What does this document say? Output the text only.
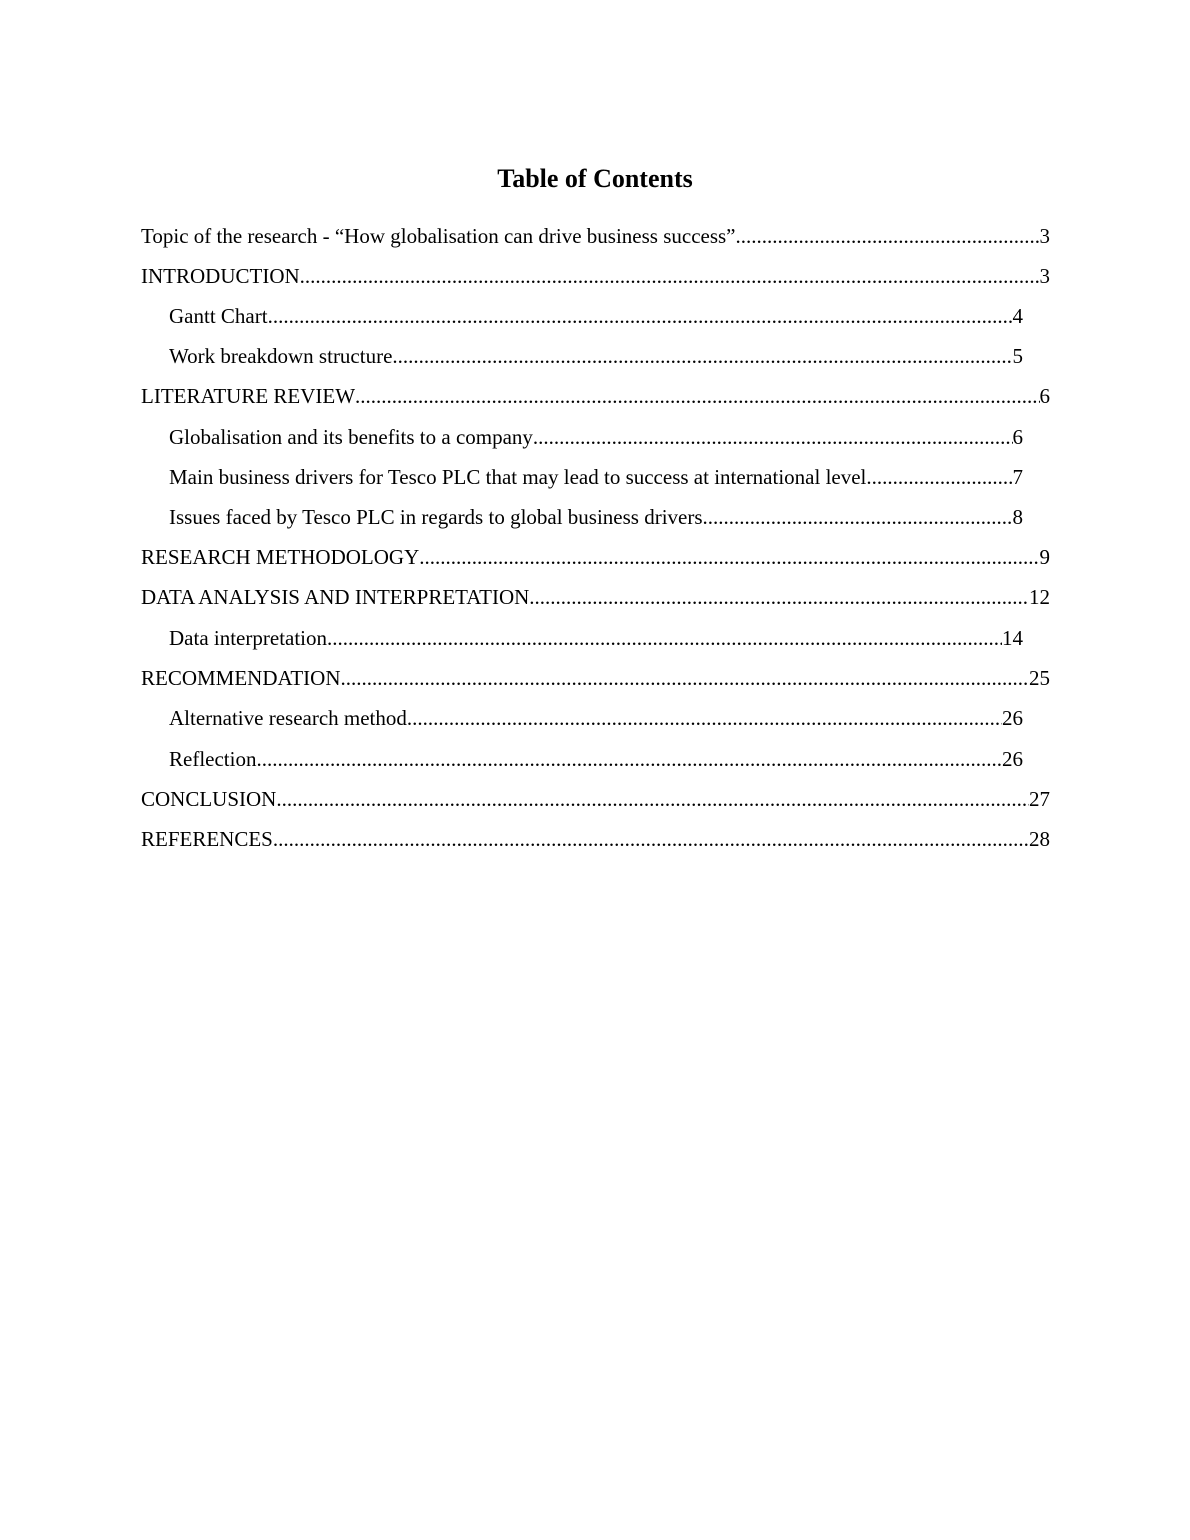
Table of Contents
Topic of the research - “How globalisation can drive business success” .....	3
INTRODUCTION .....	3
Gantt Chart .....	4
Work breakdown structure .....	5
LITERATURE REVIEW .....	6
Globalisation and its benefits to a company .....	6
Main business drivers for Tesco PLC that may lead to success at international level .....	7
Issues faced by Tesco PLC in regards to global business drivers .....	8
RESEARCH METHODOLOGY .....	9
DATA ANALYSIS AND INTERPRETATION .....	12
Data interpretation .....	14
RECOMMENDATION .....	25
Alternative research method .....	26
Reflection .....	26
CONCLUSION .....	27
REFERENCES .....	28
